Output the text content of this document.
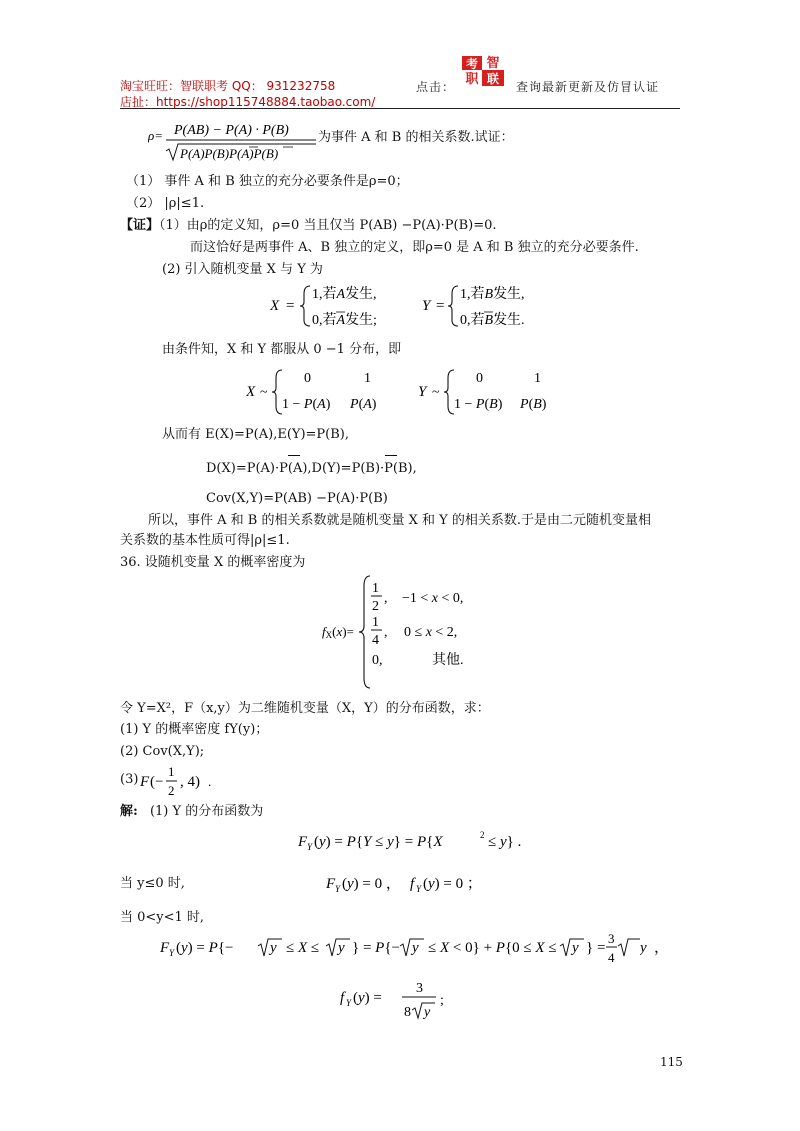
淘宝旺旺：智联职考 QQ： 931232758
店扯：https://shop115748884.taobao.com/
点击：
考 智
职 联
查询最新更新及仿冒认证
ρ= P(AB) − P(A) · P(B)
P(A)P(B)P(A)P(B)
为事件 A 和 B 的相关系数.试证：
（1） 事件 A 和 B 独立的充分必要条件是ρ=0；
（2） |ρ|≤1.
【证】（1）由ρ的定义知，ρ=0 当且仅当 P(AB) −P(A)·P(B)=0.
而这恰好是两事件 A、B 独立的定义，即ρ=0 是 A 和 B 独立的充分必要条件.
(2) 引入随机变量 X 与 Y 为
X =
1,若A发生,
0,若A发生;
Y =
1,若B发生,
0,若B发生.
由条件知，X 和 Y 都服从 0 −1 分布，即
X ~
0	1
1 − P(A) P(A)
Y ~
0	1
1 − P(B) P(B)
从而有 E(X)=P(A),E(Y)=P(B),
D(X)=P(A)·P(A),D(Y)=P(B)·P(B),
Cov(X,Y)=P(AB) −P(A)·P(B)
所以，事件 A 和 B 的相关系数就是随机变量 X 和 Y 的相关系数.于是由二元随机变量相
关系数的基本性质可得|ρ|≤1.
36. 设随机变量 X 的概率密度为
fX(x)=
1
2
, −1 < x < 0,
1
4
, 0 ≤ x < 2,
0,	其他.
令 Y=X²，F（x,y）为二维随机变量（X，Y）的分布函数，求：
(1) Y 的概率密度 fY(y)；
(2) Cov(X,Y);
(3) F (−
1
2
, 4) .
解: (1) Y 的分布函数为
F Y (y) = P{Y ≤ y} = P{X	2 ≤ y} .
当 y≤0 时,	F Y (y) = 0 ， f Y (y) = 0 ；
当 0<y<1 时,
F Y (y) = P{− y ≤ X ≤ y } = P{− y ≤ X < 0} + P{0 ≤ X ≤ y } =
3
4
y ，
f Y (y) =
3
8 y
;
115
